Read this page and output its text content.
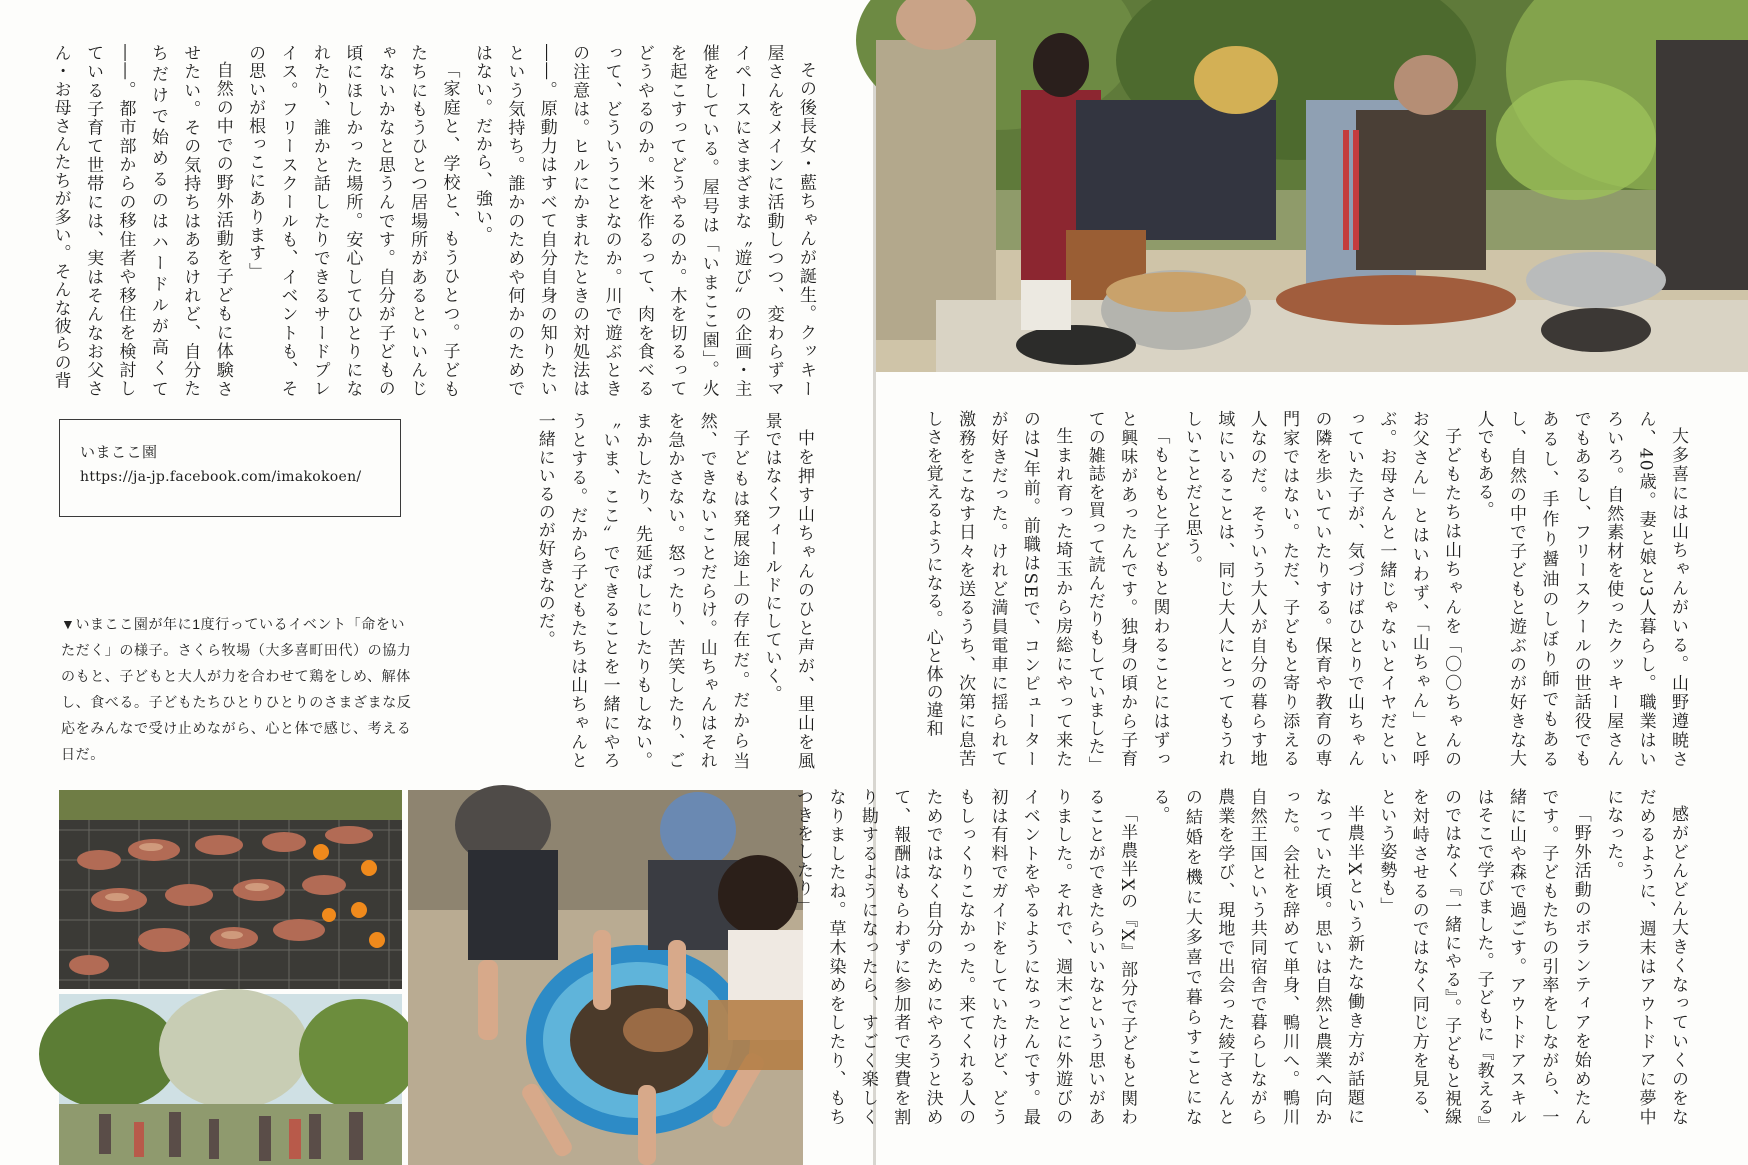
その後長女・藍ちゃんが誕生。クッキー屋さんをメインに活動しつつ、変わらずマイペースにさまざまな〝遊び〟の企画・主催をしている。屋号は「いまここ園」。火を起こすってどうやるのか。木を切るってどうやるのか。米を作るって、肉を食べるって、どういうことなのか。川で遊ぶときの注意は。ヒルにかまれたときの対処法は――。原動力はすべて自分自身の知りたいという気持ち。誰かのためや何かのためではない。だから、強い。

「家庭と、学校と、もうひとつ。子どもたちにもうひとつ居場所があるといいんじゃないかなと思うんです。自分が子どもの頃にほしかった場所。安心してひとりになれたり、誰かと話したりできるサードプレイス。フリースクールも、イベントも、その思いが根っこにあります」

自然の中での野外活動を子どもに体験させたい。その気持ちはあるけれど、自分たちだけで始めるのはハードルが高くて――。都市部からの移住者や移住を検討している子育て世帯には、実はそんなお父さん・お母さんたちが多い。そんな彼らの背

いまここ園
https://ja-jp.facebook.com/imakokoen/	中を押す山ちゃんのひと声が、里山を風景ではなくフィールドにしていく。

子どもは発展途上の存在だ。だから当然、できないことだらけ。山ちゃんはそれを急かさない。怒ったり、苦笑したり、ごまかしたり、先延ばしにしたりもしない。〝いま、ここ〟でできることを一緒にやろうとする。だから子どもたちは山ちゃんと一緒にいるのが好きなのだ。

▼いまここ園が年に1度行っているイベント「命をいただく」の様子。さくら牧場（大多喜町田代）の協力のもと、子どもと大人が力を合わせて鶏をしめ、解体し、食べる。子どもたちひとりひとりのさまざまな反応をみんなで受け止めながら、心と体で感じ、考える日だ。	大多喜には山ちゃんがいる。山野遵暁さん、40歳。妻と娘と3人暮らし。職業はいろいろ。自然素材を使ったクッキー屋さんでもあるし、フリースクールの世話役でもあるし、手作り醤油のしぼり師でもあるし、自然の中で子どもと遊ぶのが好きな大人でもある。

子どもたちは山ちゃんを「〇〇ちゃんのお父さん」とはいわず、「山ちゃん」と呼ぶ。お母さんと一緒じゃないとイヤだといっていた子が、気づけばひとりで山ちゃんの隣を歩いていたりする。保育や教育の専門家ではない。ただ、子どもと寄り添える人なのだ。そういう大人が自分の暮らす地域にいることは、同じ大人にとってもうれしいことだと思う。

「もともと子どもと関わることにはずっと興味があったんです。独身の頃から子育ての雑誌を買って読んだりもしていました」

生まれ育った埼玉から房総にやって来たのは7年前。前職はSEで、コンピューターが好きだった。けれど満員電車に揺られて激務をこなす日々を送るうち、次第に息苦しさを覚えるようになる。心と体の違和

感がどんどん大きくなっていくのをなだめるように、週末はアウトドアに夢中になった。

「野外活動のボランティアを始めたんです。子どもたちの引率をしながら、一緒に山や森で過ごす。アウトドアスキルはそこで学びました。子どもに『教える』のではなく『一緒にやる』。子どもと視線を対峙させるのではなく同じ方を見る、という姿勢も」

半農半Xという新たな働き方が話題になっていた頃。思いは自然と農業へ向かった。会社を辞めて単身、鴨川へ。鴨川自然王国という共同宿舎で暮らしながら農業を学び、現地で出会った綾子さんとの結婚を機に大多喜で暮らすことになる。

「半農半Xの『X』部分で子どもと関わることができたらいいなという思いがありました。それで、週末ごとに外遊びのイベントをやるようになったんです。最初は有料でガイドをしていたけど、どうもしっくりこなかった。来てくれる人のためではなく自分のためにやろうと決めて、報酬はもらわずに参加者で実費を割り勘するようになったら、すごく楽しくなりましたね。草木染めをしたり、もちつきをしたり」
